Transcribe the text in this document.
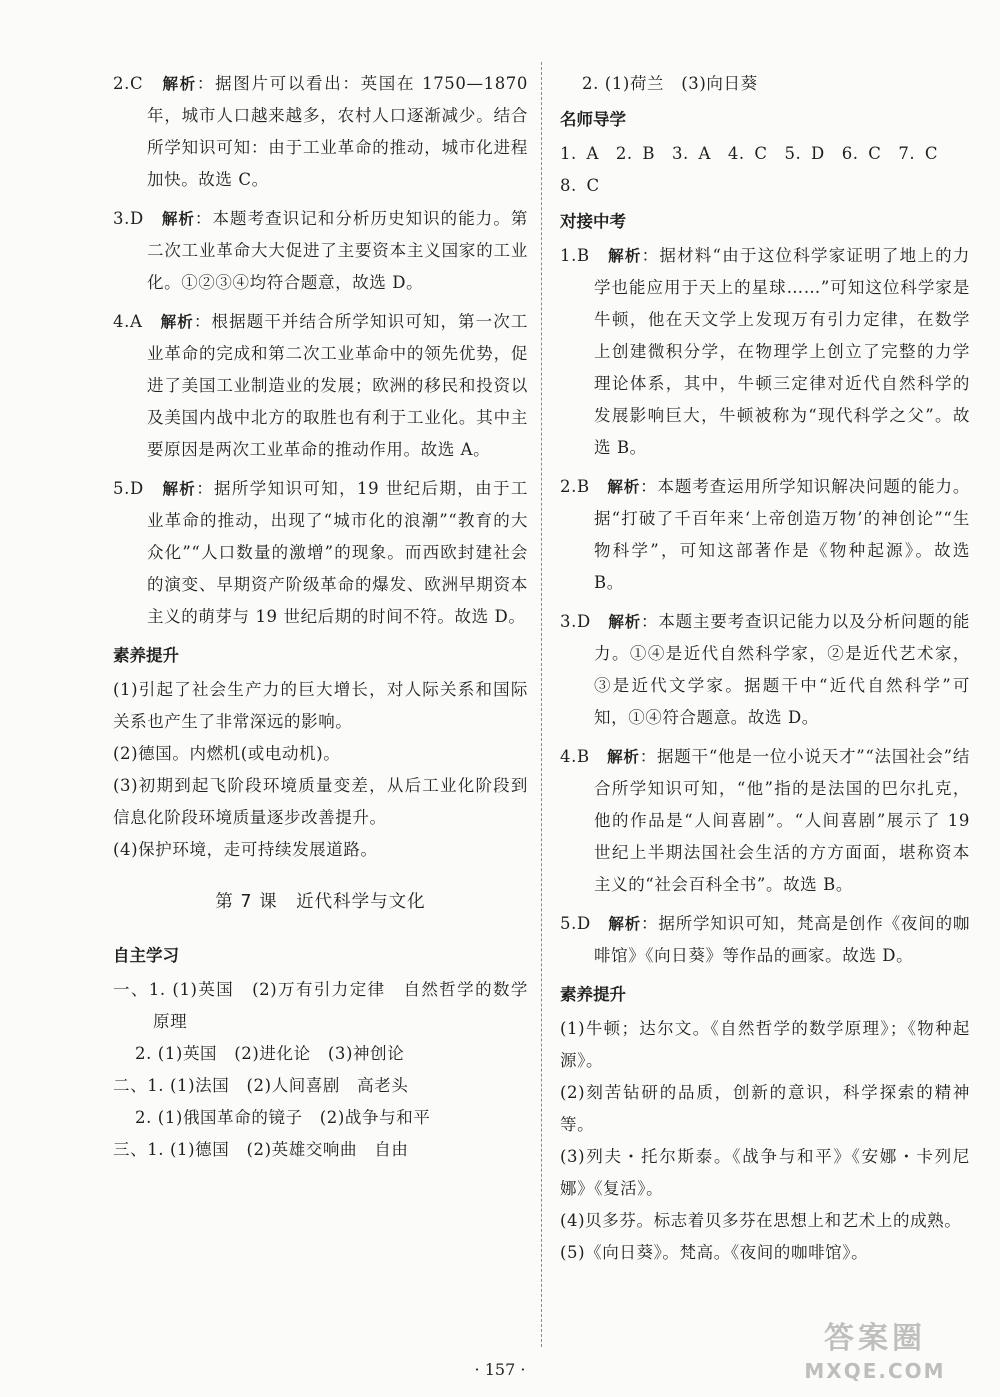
2.C　 解析：据图片可以看出：英国在 1750—1870 年，城市人口越来越多，农村人口逐渐减少。结合所学知识可知：由于工业革命的推动，城市化进程加快。故选 C。

3.D　 解析：本题考查识记和分析历史知识的能力。第二次工业革命大大促进了主要资本主义国家的工业化。①②③④均符合题意，故选 D。

4.A　 解析：根据题干并结合所学知识可知，第一次工业革命的完成和第二次工业革命中的领先优势，促进了美国工业制造业的发展；欧洲的移民和投资以及美国内战中北方的取胜也有利于工业化。其中主要原因是两次工业革命的推动作用。故选 A。

5.D　 解析：据所学知识可知，19 世纪后期，由于工业革命的推动，出现了“城市化的浪潮”“教育的大众化”“人口数量的激增”的现象。而西欧封建社会的演变、早期资产阶级革命的爆发、欧洲早期资本主义的萌芽与 19 世纪后期的时间不符。故选 D。

素养提升

(1)引起了社会生产力的巨大增长，对人际关系和国际关系也产生了非常深远的影响。

(2)德国。内燃机(或电动机)。

(3)初期到起飞阶段环境质量变差，从后工业化阶段到信息化阶段环境质量逐步改善提升。

(4)保护环境，走可持续发展道路。

第 7 课　近代科学与文化
自主学习

一、1. (1)英国　(2)万有引力定律　自然哲学的数学原理

2. (1)英国　(2)进化论　(3)神创论

二、1. (1)法国　(2)人间喜剧　高老头

2. (1)俄国革命的镜子　(2)战争与和平

三、1. (1)德国　(2)英雄交响曲　自由

2. (1)荷兰　(3)向日葵

名师导学

1. A　2. B　3. A　4. C　5. D　6. C　7. C　8. C

对接中考

1.B　 解析：据材料“由于这位科学家证明了地上的力学也能应用于天上的星球……”可知这位科学家是牛顿，他在天文学上发现万有引力定律，在数学上创建微积分学，在物理学上创立了完整的力学理论体系，其中，牛顿三定律对近代自然科学的发展影响巨大，牛顿被称为“现代科学之父”。故选 B。

2.B　 解析：本题考查运用所学知识解决问题的能力。据“打破了千百年来‘上帝创造万物’的神创论”“生物科学”，可知这部著作是《物种起源》。故选 B。

3.D　 解析：本题主要考查识记能力以及分析问题的能力。①④是近代自然科学家，②是近代艺术家，③是近代文学家。据题干中“近代自然科学”可知，①④符合题意。故选 D。

4.B　 解析：据题干“他是一位小说天才”“法国社会”结合所学知识可知，“他”指的是法国的巴尔扎克，他的作品是“人间喜剧”。“人间喜剧”展示了 19 世纪上半期法国社会生活的方方面面，堪称资本主义的“社会百科全书”。故选 B。

5.D　 解析：据所学知识可知，梵高是创作《夜间的咖啡馆》《向日葵》等作品的画家。故选 D。

素养提升

(1)牛顿；达尔文。《自然哲学的数学原理》；《物种起源》。

(2)刻苦钻研的品质，创新的意识，科学探索的精神等。

(3)列夫・托尔斯泰。《战争与和平》《安娜・卡列尼娜》《复活》。

(4)贝多芬。标志着贝多芬在思想上和艺术上的成熟。

(5)《向日葵》。梵高。《夜间的咖啡馆》。

· 157 ·
答案圈
MXQE.COM
